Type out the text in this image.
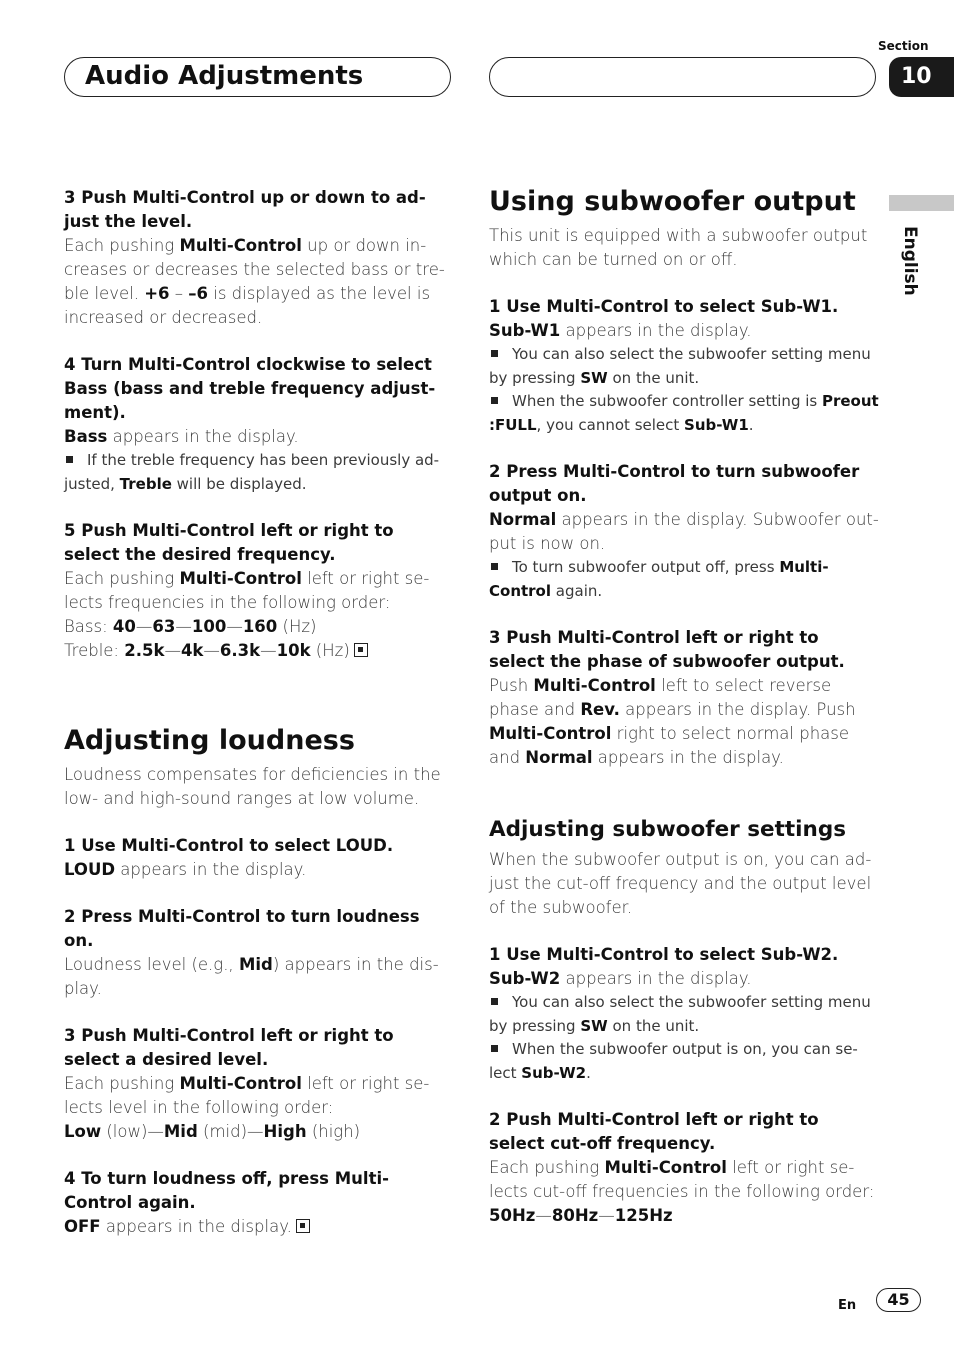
Audio Adjustments
Section
10
English
3 Push Multi-Control up or down to ad- just the level.
Each pushing Multi-Control up or down in- creases or decreases the selected bass or tre- ble level. +6 – –6 is displayed as the level is increased or decreased.
4 Turn Multi-Control clockwise to select Bass (bass and treble frequency adjust- ment).
Bass appears in the display.
If the treble frequency has been previously ad- justed, Treble will be displayed.
5 Push Multi-Control left or right to select the desired frequency.
Each pushing Multi-Control left or right se- lects frequencies in the following order:
Bass: 40—63—100—160 (Hz)
Treble: 2.5k—4k—6.3k—10k (Hz)
Adjusting loudness
Loudness compensates for deficiencies in the low- and high-sound ranges at low volume.
1 Use Multi-Control to select LOUD.
LOUD appears in the display.
2 Press Multi-Control to turn loudness on.
Loudness level (e.g., Mid) appears in the dis- play.
3 Push Multi-Control left or right to select a desired level.
Each pushing Multi-Control left or right se- lects level in the following order:
Low (low)—Mid (mid)—High (high)
4 To turn loudness off, press Multi-Control again.
OFF appears in the display.
Using subwoofer output
This unit is equipped with a subwoofer output which can be turned on or off.
1 Use Multi-Control to select Sub-W1.
Sub-W1 appears in the display.
You can also select the subwoofer setting menu by pressing SW on the unit.
When the subwoofer controller setting is Preout :FULL, you cannot select Sub-W1.
2 Press Multi-Control to turn subwoofer output on.
Normal appears in the display. Subwoofer out- put is now on.
To turn subwoofer output off, press Multi-Control again.
3 Push Multi-Control left or right to select the phase of subwoofer output.
Push Multi-Control left to select reverse phase and Rev. appears in the display. Push Multi-Control right to select normal phase and Normal appears in the display.
Adjusting subwoofer settings
When the subwoofer output is on, you can ad- just the cut-off frequency and the output level of the subwoofer.
1 Use Multi-Control to select Sub-W2.
Sub-W2 appears in the display.
You can also select the subwoofer setting menu by pressing SW on the unit.
When the subwoofer output is on, you can se- lect Sub-W2.
2 Push Multi-Control left or right to select cut-off frequency.
Each pushing Multi-Control left or right se- lects cut-off frequencies in the following order:
50Hz—80Hz—125Hz
En	45
